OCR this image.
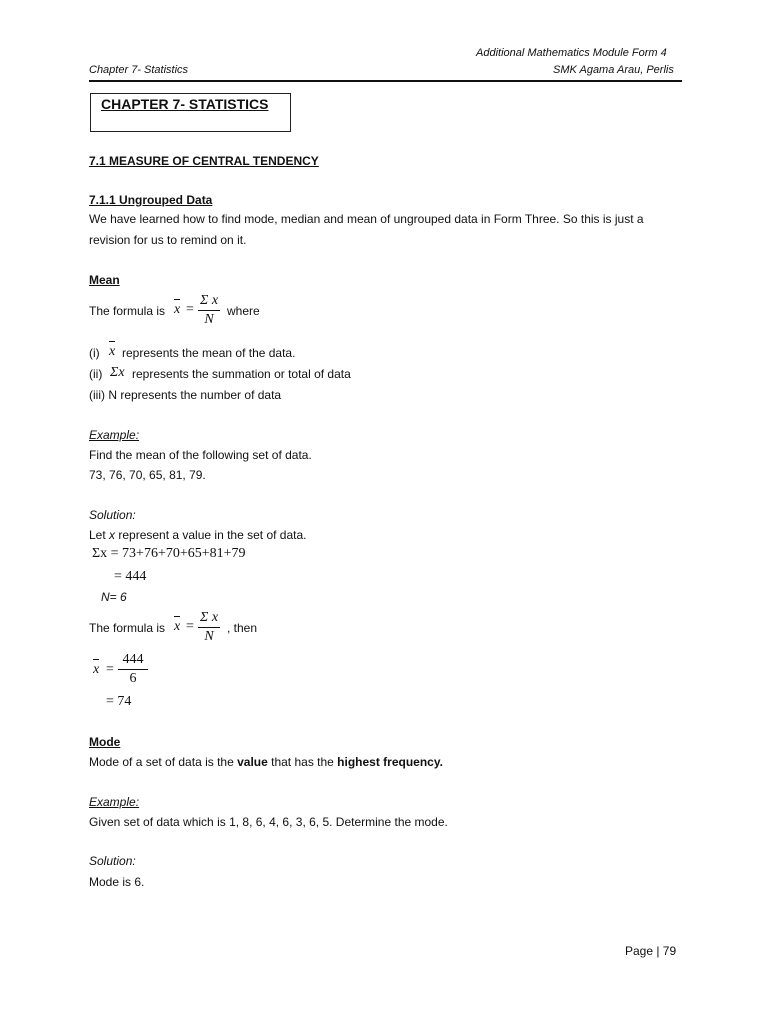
Additional Mathematics Module Form 4
Chapter 7- Statistics	SMK Agama Arau, Perlis
CHAPTER 7- STATISTICS
7.1 MEASURE OF CENTRAL TENDENCY
7.1.1 Ungrouped Data
We have learned how to find mode, median and mean of ungrouped data in Form Three. So this is just a
revision for us to remind on it.
Mean
The formula is $x = \frac{\text{Σ x}}{N}$ where
(i) x represents the mean of the data.
(ii) Σx represents the summation or total of data
(iii) N represents the number of data
Example:
Find the mean of the following set of data.
73, 76, 70, 65, 81, 79.
Solution:
Let x represent a value in the set of data.
Σx = 73+76+70+65+81+79
= 444
N= 6
The formula is $x = \frac{\text{Σ x}}{N}$ , then
$x = \frac{444}{6}$
= 74
Mode
Mode of a set of data is the value that has the highest frequency.
Example:
Given set of data which is 1, 8, 6, 4, 6, 3, 6, 5. Determine the mode.
Solution:
Mode is 6.
Page | 79
